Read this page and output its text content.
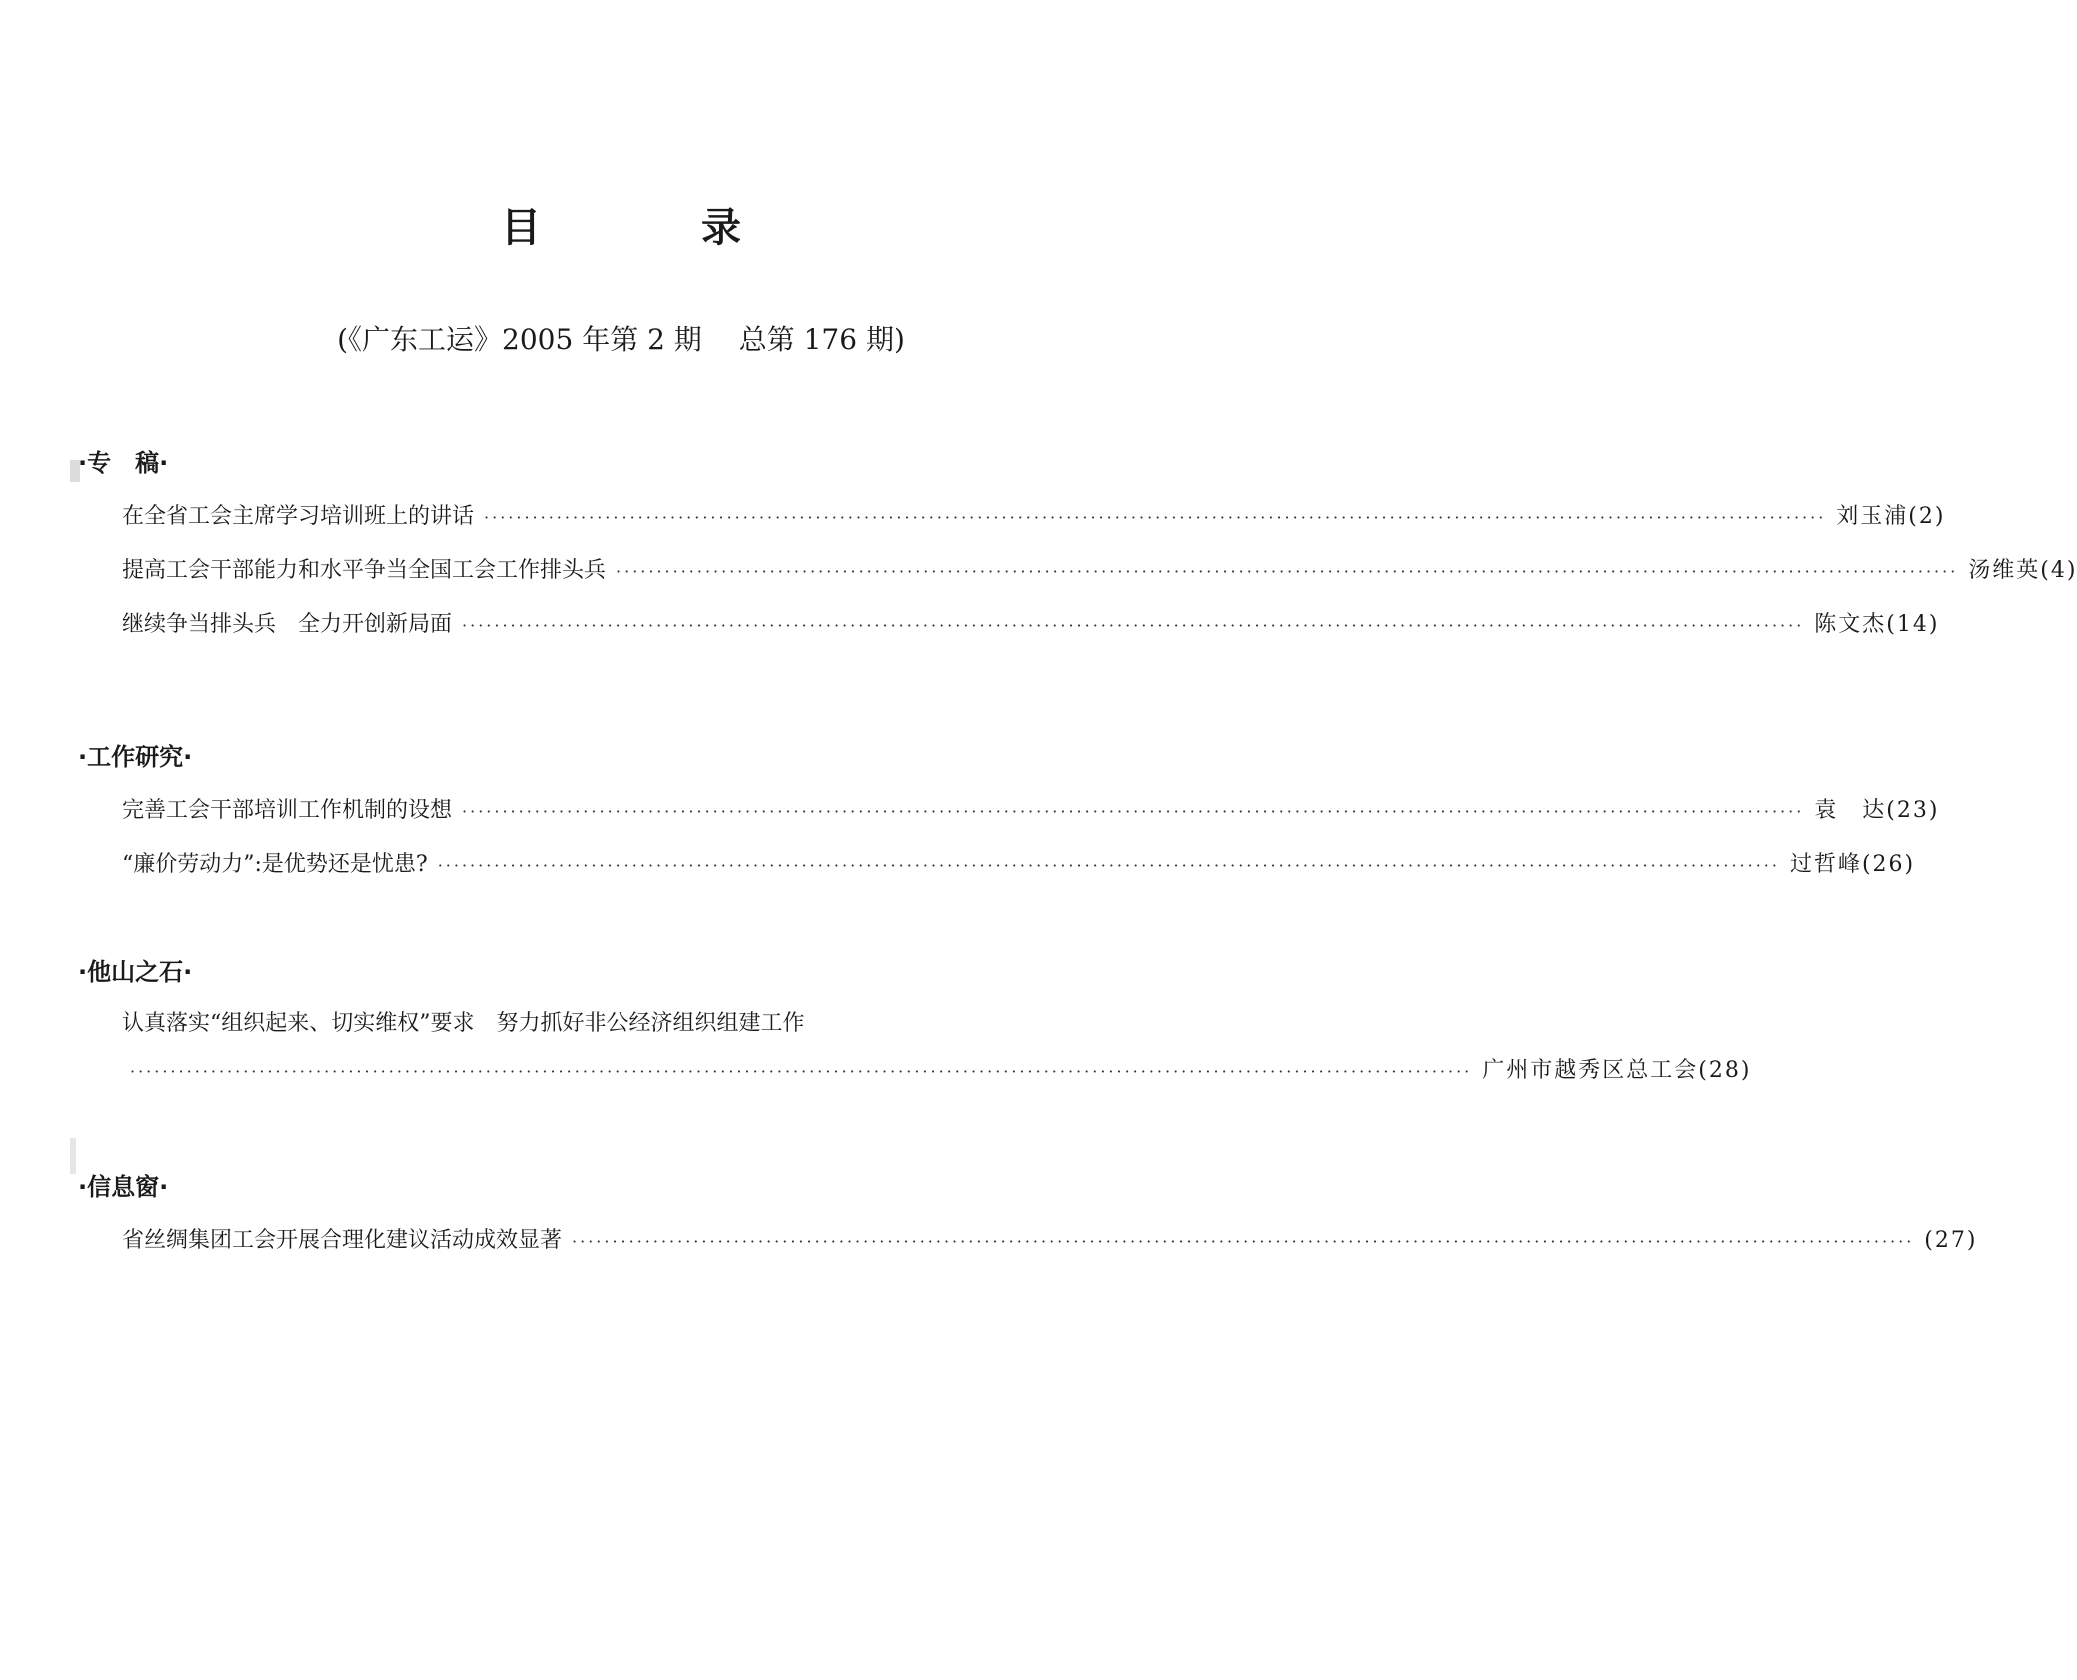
目　录
(《广东工运》2005 年第 2 期　 总第 176 期)
·专　稿·
在全省工会主席学习培训班上的讲话 ······································································································································································ 刘玉浦(2)
提高工会干部能力和水平争当全国工会工作排头兵 ······································································································································································ 汤维英(4)
继续争当排头兵　全力开创新局面 ······································································································································································ 陈文杰(14)
·工作研究·
完善工会干部培训工作机制的设想 ······································································································································································ 袁　达(23)
“廉价劳动力”:是优势还是忧患? ······································································································································································ 过哲峰(26)
·他山之石·
认真落实“组织起来、切实维权”要求　努力抓好非公经济组织组建工作
······································································································································································ 广州市越秀区总工会(28)
·信息窗·
省丝绸集团工会开展合理化建议活动成效显著 ······································································································································································ (27)
